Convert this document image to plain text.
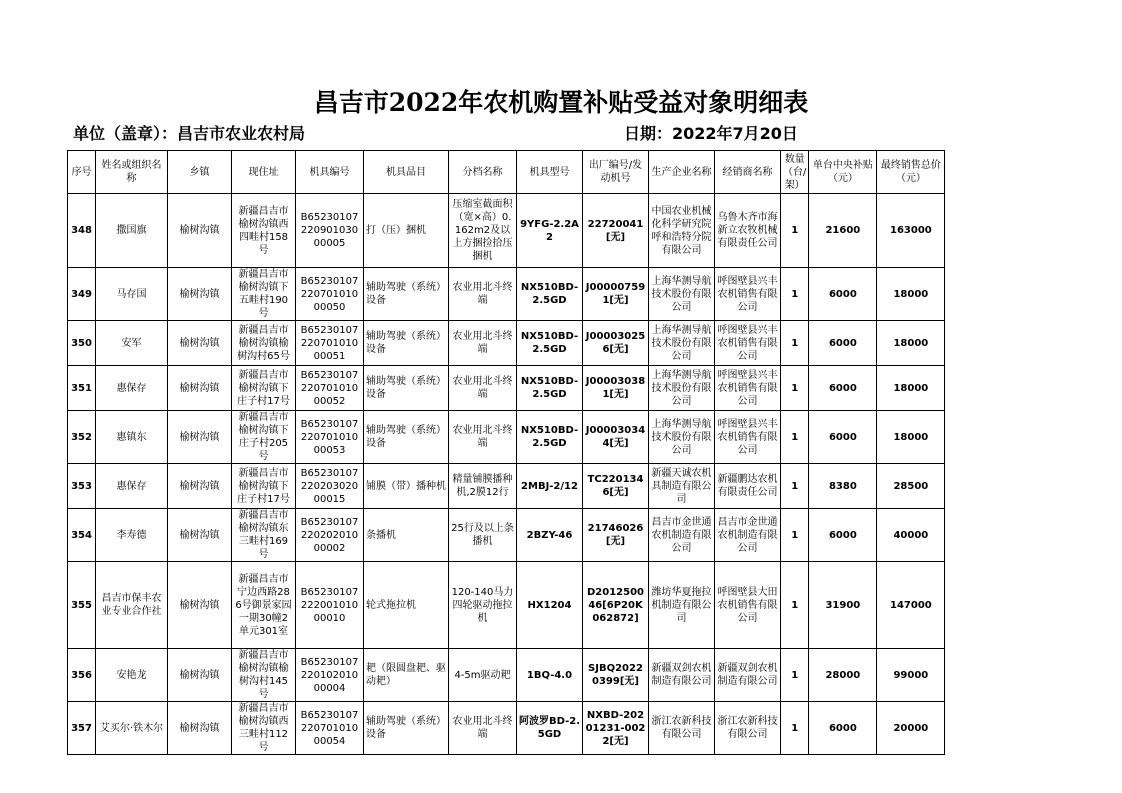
昌吉市2022年农机购置补贴受益对象明细表
单位（盖章）：昌吉市农业农村局	日期：2022年7月20日
序号	姓名或组织名称	乡镇	现住址	机具编号	机具品目	分档名称	机具型号	出厂编号/发动机号	生产企业名称	经销商名称	数量（台/架）	单台中央补贴（元）	最终销售总价（元）
348	撒国旗	榆树沟镇	新疆昌吉市榆树沟镇西四畦村158号	B6523010722090103000005	打（压）捆机	压缩室截面积（宽×高）0.162m2及以上方捆捡拾压捆机	9YFG-2.2A2	22720041[无]	中国农业机械化科学研究院呼和浩特分院有限公司	乌鲁木齐市海新立农牧机械有限责任公司	1	21600	163000
349	马存国	榆树沟镇	新疆昌吉市榆树沟镇下五畦村190号	B6523010722070101000050	辅助驾驶（系统）设备	农业用北斗终端	NX510BD-2.5GD	J000007591[无]	上海华测导航技术股份有限公司	呼图壁县兴丰农机销售有限公司	1	6000	18000
350	安军	榆树沟镇	新疆昌吉市榆树沟镇榆树沟村65号	B6523010722070101000051	辅助驾驶（系统）设备	农业用北斗终端	NX510BD-2.5GD	J000030256[无]	上海华测导航技术股份有限公司	呼图壁县兴丰农机销售有限公司	1	6000	18000
351	惠保存	榆树沟镇	新疆昌吉市榆树沟镇下庄子村17号	B6523010722070101000052	辅助驾驶（系统）设备	农业用北斗终端	NX510BD-2.5GD	J000030381[无]	上海华测导航技术股份有限公司	呼图壁县兴丰农机销售有限公司	1	6000	18000
352	惠镇东	榆树沟镇	新疆昌吉市榆树沟镇下庄子村205号	B6523010722070101000053	辅助驾驶（系统）设备	农业用北斗终端	NX510BD-2.5GD	J000030344[无]	上海华测导航技术股份有限公司	呼图壁县兴丰农机销售有限公司	1	6000	18000
353	惠保存	榆树沟镇	新疆昌吉市榆树沟镇下庄子村17号	B6523010722020302000015	铺膜（带）播种机	精量铺膜播种机,2膜12行	2MBJ-2/12	TC2201346[无]	新疆天诚农机具制造有限公司	新疆鹏达农机有限责任公司	1	8380	28500
354	李寿德	榆树沟镇	新疆昌吉市榆树沟镇东三畦村169号	B6523010722020201000002	条播机	25行及以上条播机	2BZY-46	21746026[无]	昌吉市金世通农机制造有限公司	昌吉市金世通农机制造有限公司	1	6000	40000
355	昌吉市保丰农业专业合作社	榆树沟镇	新疆昌吉市宁边西路286号御景家园一期30幢2单元301室	B6523010722200101000010	轮式拖拉机	120-140马力四轮驱动拖拉机	HX1204	D201250046[6P20K062872]	潍坊华夏拖拉机制造有限公司	呼图壁县大田农机销售有限公司	1	31900	147000
356	安艳龙	榆树沟镇	新疆昌吉市榆树沟镇榆树沟村145号	B6523010722010201000004	耙（限圆盘耙、驱动耙）	4-5m驱动耙	1BQ-4.0	SJBQ20220399[无]	新疆双剑农机制造有限公司	新疆双剑农机制造有限公司	1	28000	99000
357	艾买尔·铁木尔	榆树沟镇	新疆昌吉市榆树沟镇西三畦村112号	B6523010722070101000054	辅助驾驶（系统）设备	农业用北斗终端	阿波罗BD-2.5GD	NXBD-20201231-0022[无]	浙江农新科技有限公司	浙江农新科技有限公司	1	6000	20000
